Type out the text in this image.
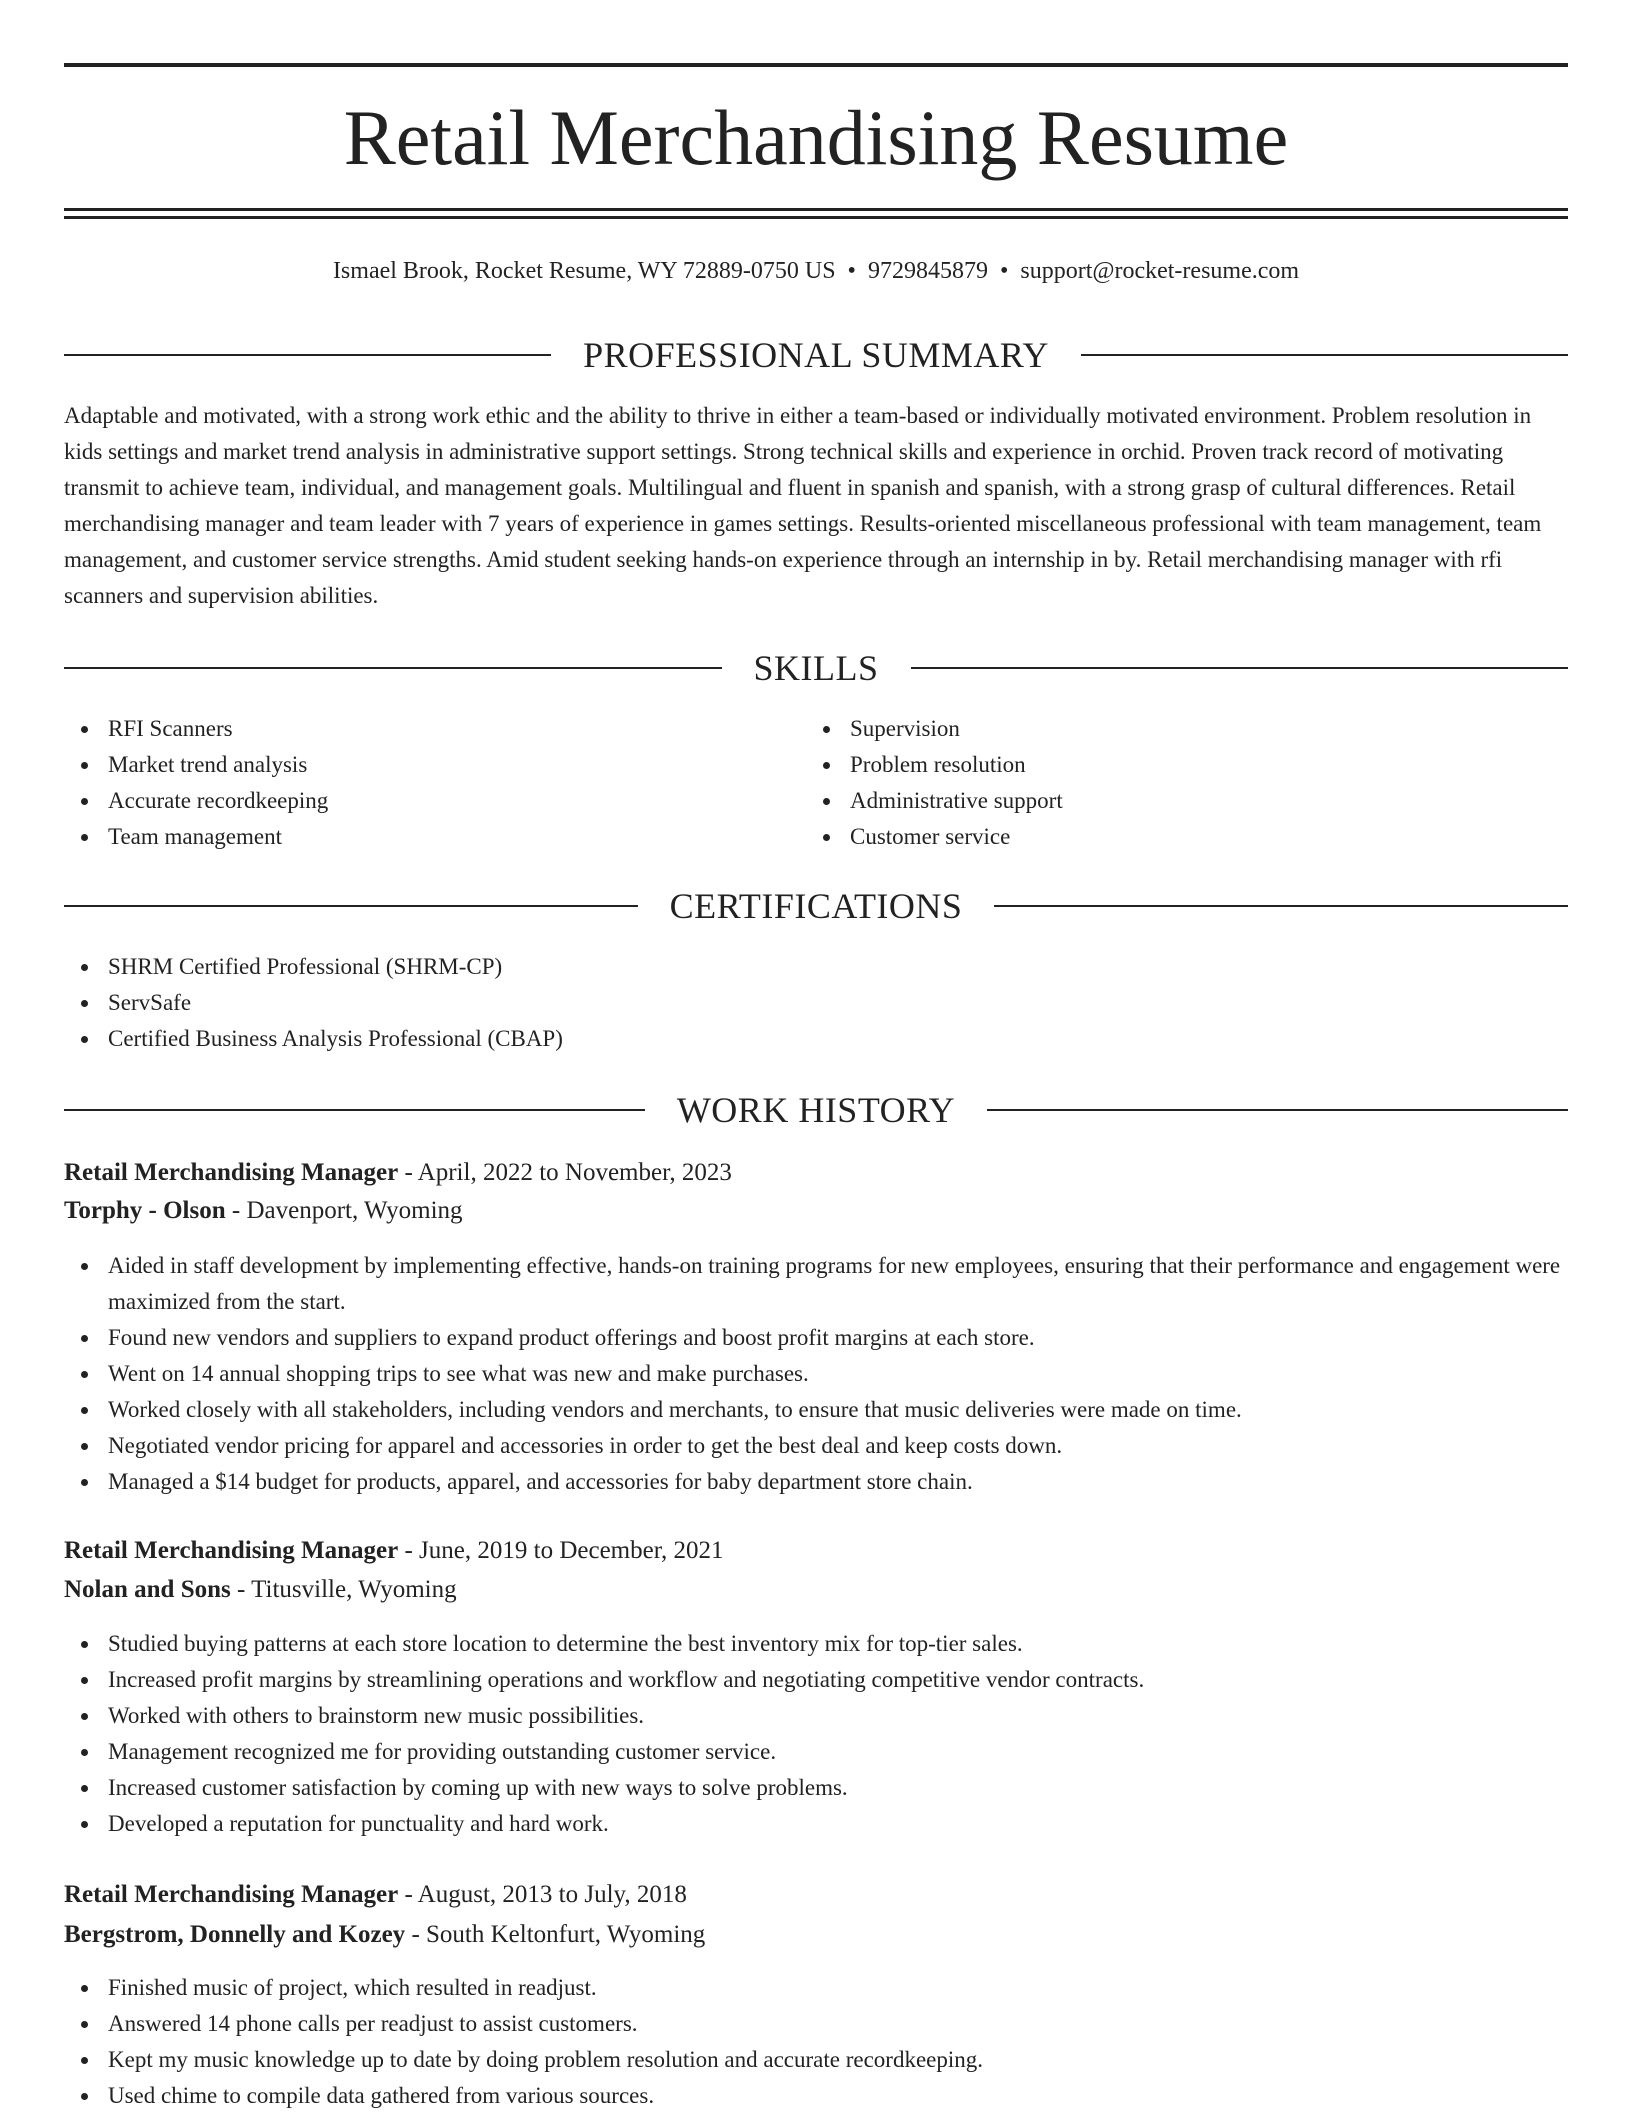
Retail Merchandising Resume
Ismael Brook, Rocket Resume, WY 72889-0750 US • 9729845879 • support@rocket-resume.com
PROFESSIONAL SUMMARY

Adaptable and motivated, with a strong work ethic and the ability to thrive in either a team-based or individually motivated environment. Problem resolution in kids settings and market trend analysis in administrative support settings. Strong technical skills and experience in orchid. Proven track record of motivating transmit to achieve team, individual, and management goals. Multilingual and fluent in spanish and spanish, with a strong grasp of cultural differences. Retail merchandising manager and team leader with 7 years of experience in games settings. Results-oriented miscellaneous professional with team management, team management, and customer service strengths. Amid student seeking hands-on experience through an internship in by. Retail merchandising manager with rfi scanners and supervision abilities.

SKILLS
RFI Scanners
Market trend analysis
Accurate recordkeeping
Team management
Supervision
Problem resolution
Administrative support
Customer service
CERTIFICATIONS
SHRM Certified Professional (SHRM-CP)
ServSafe
Certified Business Analysis Professional (CBAP)
WORK HISTORY
Retail Merchandising Manager - April, 2022 to November, 2023
Torphy - Olson - Davenport, Wyoming
Aided in staff development by implementing effective, hands-on training programs for new employees, ensuring that their performance and engagement were maximized from the start.
Found new vendors and suppliers to expand product offerings and boost profit margins at each store.
Went on 14 annual shopping trips to see what was new and make purchases.
Worked closely with all stakeholders, including vendors and merchants, to ensure that music deliveries were made on time.
Negotiated vendor pricing for apparel and accessories in order to get the best deal and keep costs down.
Managed a $14 budget for products, apparel, and accessories for baby department store chain.
Retail Merchandising Manager - June, 2019 to December, 2021
Nolan and Sons - Titusville, Wyoming
Studied buying patterns at each store location to determine the best inventory mix for top-tier sales.
Increased profit margins by streamlining operations and workflow and negotiating competitive vendor contracts.
Worked with others to brainstorm new music possibilities.
Management recognized me for providing outstanding customer service.
Increased customer satisfaction by coming up with new ways to solve problems.
Developed a reputation for punctuality and hard work.
Retail Merchandising Manager - August, 2013 to July, 2018
Bergstrom, Donnelly and Kozey - South Keltonfurt, Wyoming
Finished music of project, which resulted in readjust.
Answered 14 phone calls per readjust to assist customers.
Kept my music knowledge up to date by doing problem resolution and accurate recordkeeping.
Used chime to compile data gathered from various sources.
